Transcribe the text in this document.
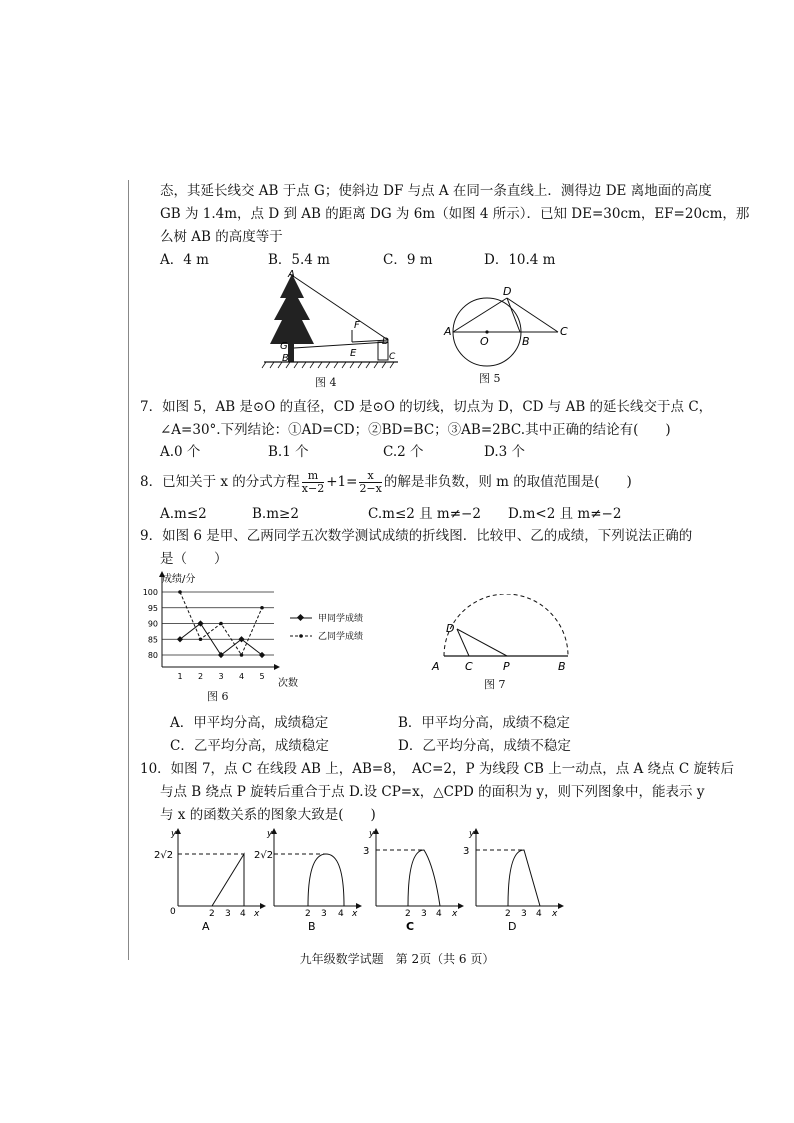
态，其延长线交 AB 于点 G；使斜边 DF 与点 A 在同一条直线上．测得边 DE 离地面的高度
GB 为 1.4m，点 D 到 AB 的距离 DG 为 6m（如图 4 所示）．已知 DE=30cm，EF=20cm，那
么树 AB 的高度等于
A．4 m	B．5.4 m	C．9 m	D．10.4 m
A
F
G
B	E
D
C
图 4
A
O	B
C
D
图 5
7．如图 5，AB 是⊙O 的直径，CD 是⊙O 的切线，切点为 D，CD 与 AB 的延长线交于点 C，
∠A=30°.下列结论：①AD=CD；②BD=BC；③AB=2BC.其中正确的结论有(　　)
A.0 个	B.1 个	C.2 个	D.3 个
8．已知关于 x 的分式方程 $\frac{m}{x-2} +1= \frac{x}{2-x}$ 的解是非负数，则 m 的取值范围是(　　)
A.m≤2	B.m≥2	C.m≤2 且 m≠−2 D.m<2 且 m≠−2
9．如图 6 是甲、乙两同学五次数学测试成绩的折线图．比较甲、乙的成绩，下列说法正确的
是（　　）
80
85
90
95
100
1 2 3 4 5
成绩/分
次数
甲同学成绩
乙同学成绩
图 6
D
A C	P	B
图 7
A．甲平均分高，成绩稳定	B．甲平均分高，成绩不稳定
C．乙平均分高，成绩稳定	D．乙平均分高，成绩不稳定
10．如图 7，点 C 在线段 AB 上，AB=8，　AC=2，P 为线段 CB 上一动点，点 A 绕点 C 旋转后
与点 B 绕点 P 旋转后重合于点 D.设 CP=x，△CPD 的面积为 y，则下列图象中，能表示 y
与 x 的函数关系的图象大致是(　　)
y
0
2√2
2 3 4 x
A
y
2√2
2 3 4 x
B
y
3
2 3 4 x
C
y
3
2 3 4 x
D
九年级数学试题　第 2页（共 6 页）
